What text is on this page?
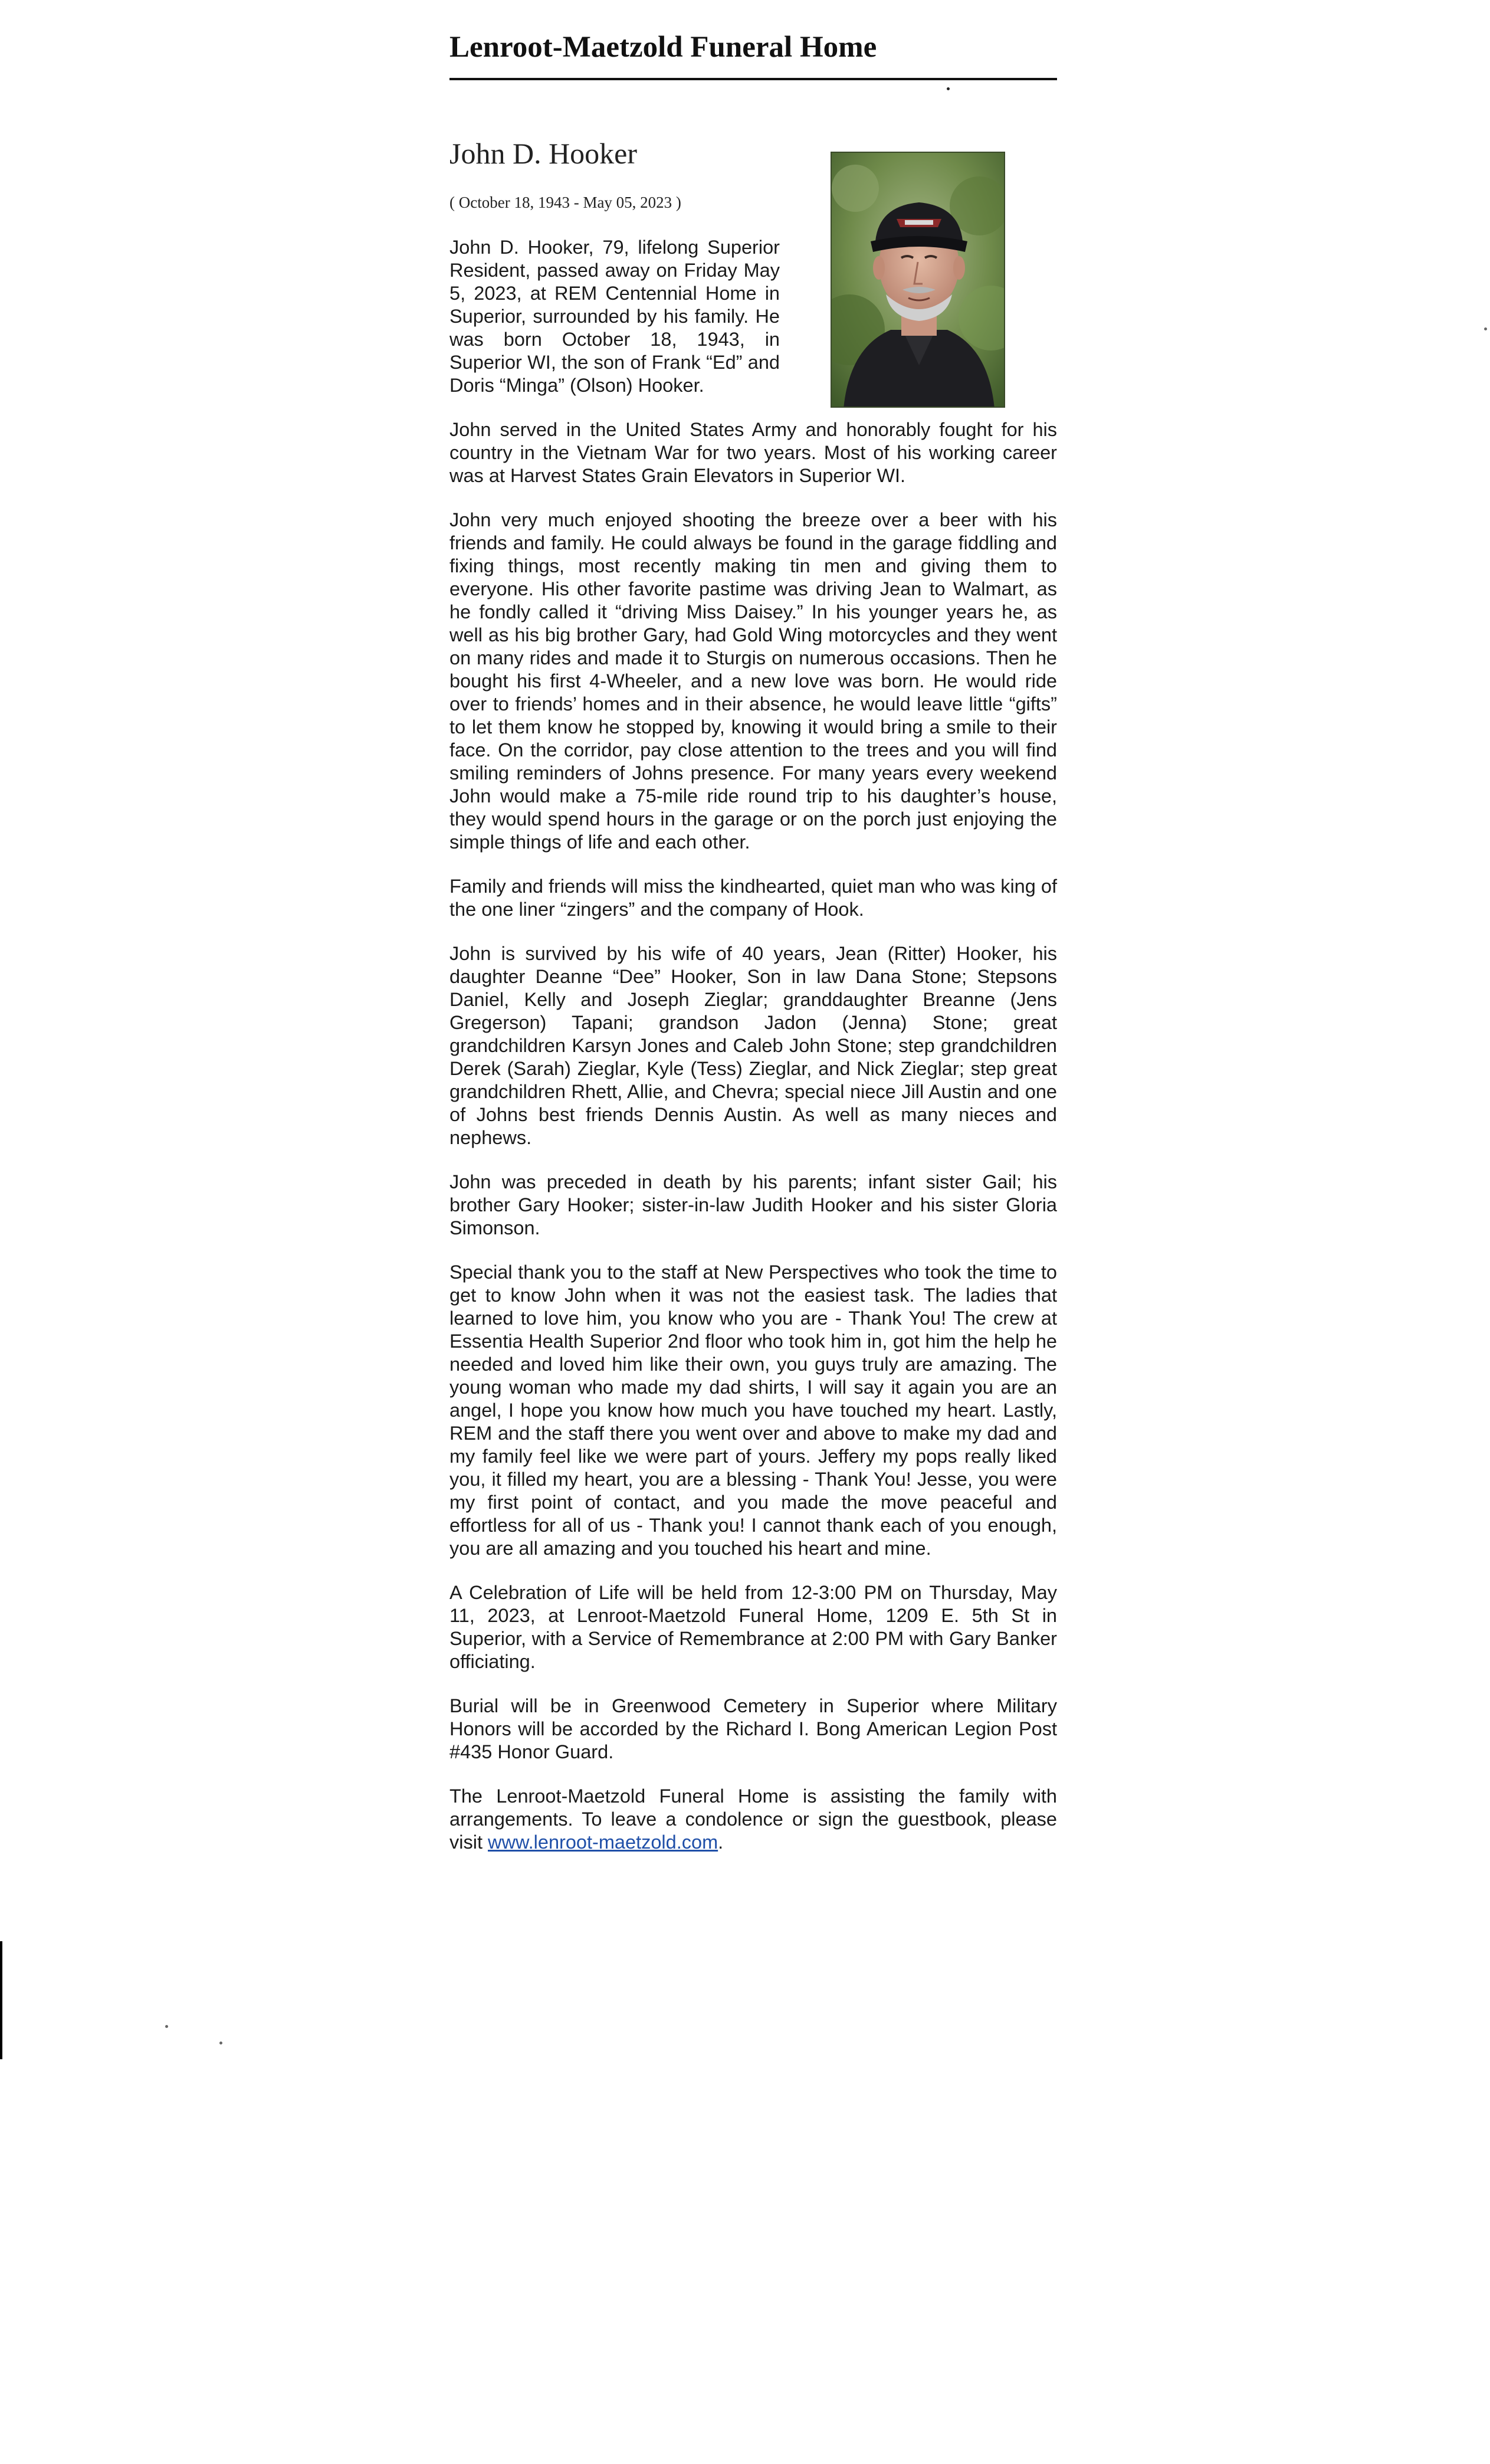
Lenroot-Maetzold Funeral Home
John D. Hooker
( October 18, 1943 - May 05, 2023 )

John D. Hooker, 79, lifelong Superior Resident, passed away on Friday May 5, 2023, at REM Centennial Home in Superior, surrounded by his family. He was born October 18, 1943, in Superior WI, the son of Frank “Ed” and Doris “Minga” (Olson) Hooker.

John served in the United States Army and honorably fought for his country in the Vietnam War for two years. Most of his working career was at Harvest States Grain Elevators in Superior WI.

John very much enjoyed shooting the breeze over a beer with his friends and family. He could always be found in the garage fiddling and fixing things, most recently making tin men and giving them to everyone. His other favorite pastime was driving Jean to Walmart, as he fondly called it “driving Miss Daisey.” In his younger years he, as well as his big brother Gary, had Gold Wing motorcycles and they went on many rides and made it to Sturgis on numerous occasions. Then he bought his first 4-Wheeler, and a new love was born. He would ride over to friends’ homes and in their absence, he would leave little “gifts” to let them know he stopped by, knowing it would bring a smile to their face. On the corridor, pay close attention to the trees and you will find smiling reminders of Johns presence. For many years every weekend John would make a 75-mile ride round trip to his daughter’s house, they would spend hours in the garage or on the porch just enjoying the simple things of life and each other.

Family and friends will miss the kindhearted, quiet man who was king of the one liner “zingers” and the company of Hook.

John is survived by his wife of 40 years, Jean (Ritter) Hooker, his daughter Deanne “Dee” Hooker, Son in law Dana Stone; Stepsons Daniel, Kelly and Joseph Zieglar; granddaughter Breanne (Jens Gregerson) Tapani; grandson Jadon (Jenna) Stone; great grandchildren Karsyn Jones and Caleb John Stone; step grandchildren Derek (Sarah) Zieglar, Kyle (Tess) Zieglar, and Nick Zieglar; step great grandchildren Rhett, Allie, and Chevra; special niece Jill Austin and one of Johns best friends Dennis Austin. As well as many nieces and nephews.

John was preceded in death by his parents; infant sister Gail; his brother Gary Hooker; sister-in-law Judith Hooker and his sister Gloria Simonson.

Special thank you to the staff at New Perspectives who took the time to get to know John when it was not the easiest task. The ladies that learned to love him, you know who you are - Thank You! The crew at Essentia Health Superior 2nd floor who took him in, got him the help he needed and loved him like their own, you guys truly are amazing. The young woman who made my dad shirts, I will say it again you are an angel, I hope you know how much you have touched my heart. Lastly, REM and the staff there you went over and above to make my dad and my family feel like we were part of yours. Jeffery my pops really liked you, it filled my heart, you are a blessing - Thank You! Jesse, you were my first point of contact, and you made the move peaceful and effortless for all of us - Thank you! I cannot thank each of you enough, you are all amazing and you touched his heart and mine.

A Celebration of Life will be held from 12-3:00 PM on Thursday, May 11, 2023, at Lenroot-Maetzold Funeral Home, 1209 E. 5th St in Superior, with a Service of Remembrance at 2:00 PM with Gary Banker officiating.

Burial will be in Greenwood Cemetery in Superior where Military Honors will be accorded by the Richard I. Bong American Legion Post #435 Honor Guard.

The Lenroot-Maetzold Funeral Home is assisting the family with arrangements. To leave a condolence or sign the guestbook, please visit www.lenroot-maetzold.com.
